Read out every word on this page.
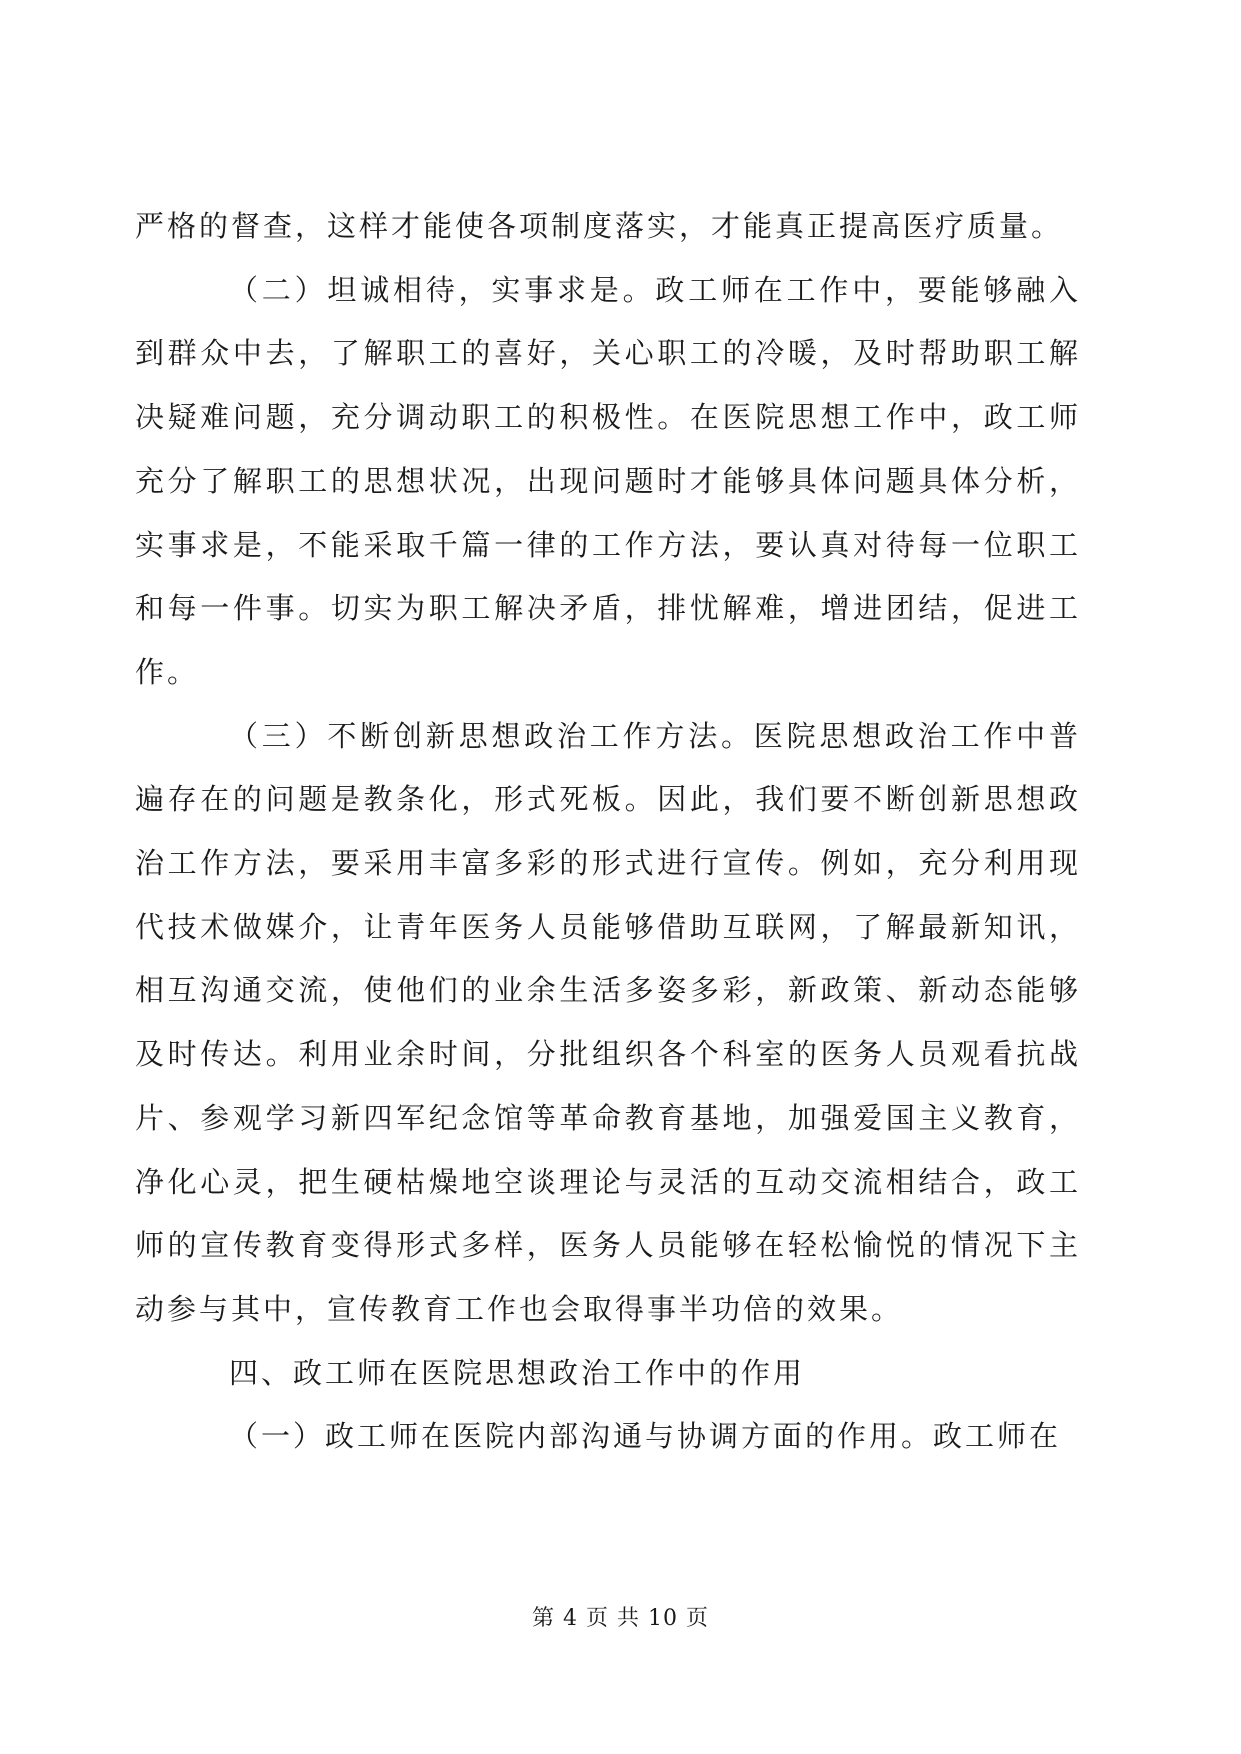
严格的督查，这样才能使各项制度落实，才能真正提高医疗质量。

（二）坦诚相待，实事求是。政工师在工作中，要能够融入到群众中去，了解职工的喜好，关心职工的冷暖，及时帮助职工解决疑难问题，充分调动职工的积极性。在医院思想工作中，政工师充分了解职工的思想状况，出现问题时才能够具体问题具体分析，实事求是，不能采取千篇一律的工作方法，要认真对待每一位职工和每一件事。切实为职工解决矛盾，排忧解难，增进团结，促进工作。

（三）不断创新思想政治工作方法。医院思想政治工作中普遍存在的问题是教条化，形式死板。因此，我们要不断创新思想政治工作方法，要采用丰富多彩的形式进行宣传。例如，充分利用现代技术做媒介，让青年医务人员能够借助互联网，了解最新知讯，相互沟通交流，使他们的业余生活多姿多彩，新政策、新动态能够及时传达。利用业余时间，分批组织各个科室的医务人员观看抗战片、参观学习新四军纪念馆等革命教育基地，加强爱国主义教育，净化心灵，把生硬枯燥地空谈理论与灵活的互动交流相结合，政工师的宣传教育变得形式多样，医务人员能够在轻松愉悦的情况下主动参与其中，宣传教育工作也会取得事半功倍的效果。

四、政工师在医院思想政治工作中的作用

（一）政工师在医院内部沟通与协调方面的作用。政工师在

第 4 页 共 10 页
